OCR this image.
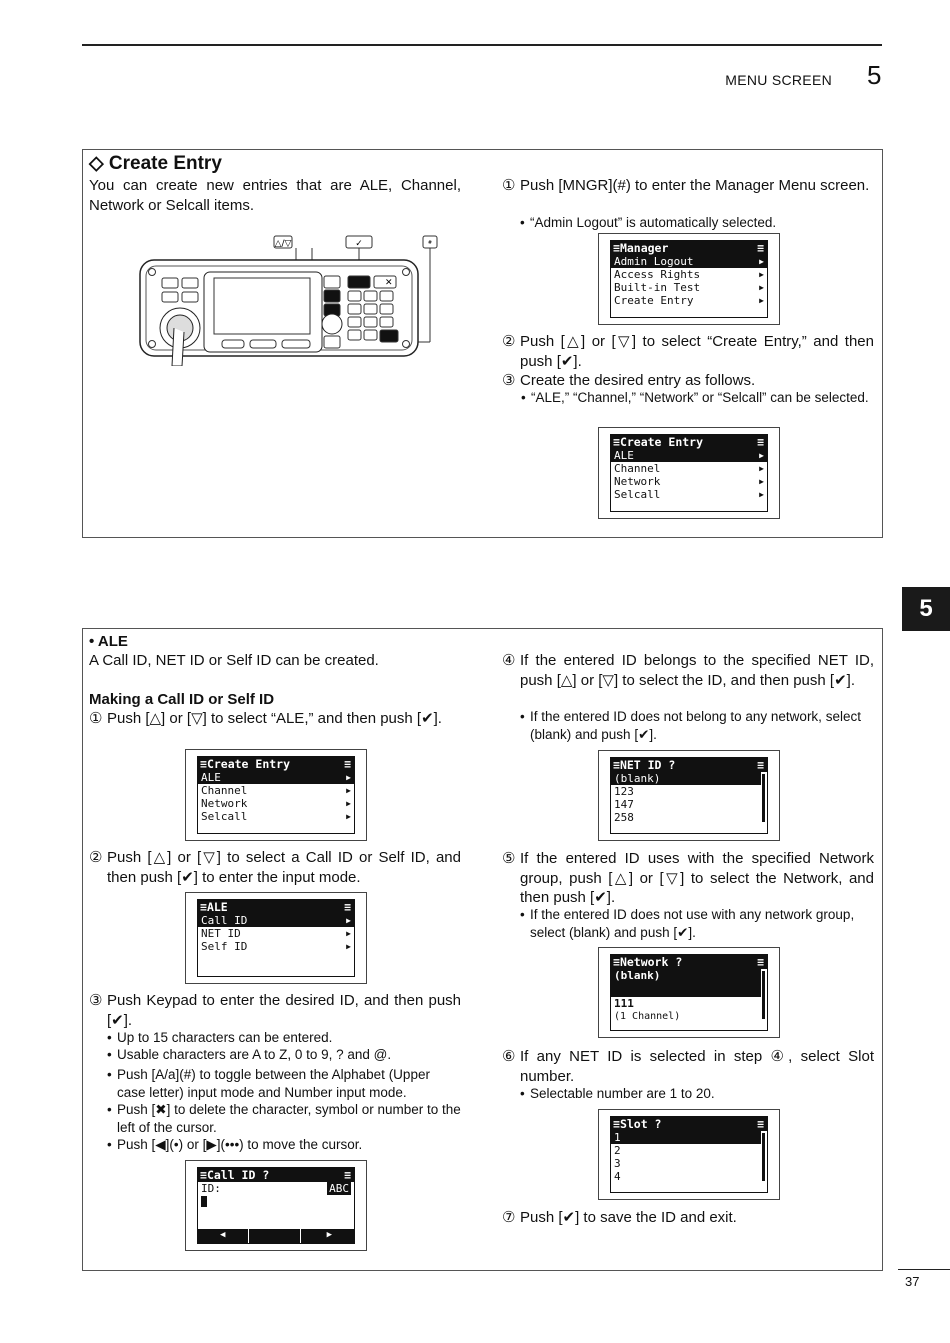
MENU SCREEN 5
5
◇ Create Entry
You can create new entries that are ALE, Channel, Network or Selcall items.
△/▽	✓	#
✕
① Push [MNGR](#) to enter the Manager Menu screen.
• “Admin Logout” is automatically selected.
≡Manager	≡
Admin Logout	▶
Access Rights	▶
Built-in Test	▶
Create Entry	▶
② Push [△] or [▽] to select “Create Entry,” and then push [✔].
③ Create the desired entry as follows.
• “ALE,” “Channel,” “Network” or “Selcall” can be selected.
≡Create Entry	≡
ALE	▶
Channel	▶
Network	▶
Selcall	▶
• ALE
A Call ID, NET ID or Self ID can be created.
Making a Call ID or Self ID
① Push [△] or [▽] to select “ALE,” and then push [✔].
≡Create Entry	≡
ALE	▶
Channel	▶
Network	▶
Selcall	▶
② Push [△] or [▽] to select a Call ID or Self ID, and then push [✔] to enter the input mode.
≡ALE	≡
Call ID	▶
NET ID	▶
Self ID	▶
③ Push Keypad to enter the desired ID, and then push [✔].
• Up to 15 characters can be entered.
• Usable characters are A to Z, 0 to 9, ? and @.
• Push [A/a](#) to toggle between the Alphabet (Upper case letter) input mode and Number input mode.
• Push [✖] to delete the character, symbol or number to the left of the cursor.
• Push [◀](•) or [▶](•••) to move the cursor.
≡Call ID ?	≡
ID:	ABC
◀	▶
④ If the entered ID belongs to the specified NET ID, push [△] or [▽] to select the ID, and then push [✔].
• If the entered ID does not belong to any network, select (blank) and push [✔].
≡NET ID ?	≡
(blank)
123
147
258
⑤ If the entered ID uses with the specified Network group, push [△] or [▽] to select the Network, and then push [✔].
• If the entered ID does not use with any network group, select (blank) and push [✔].
≡Network ?	≡
(blank)
111
(1 Channel)
⑥ If any NET ID is selected in step ④, select Slot number.
• Selectable number are 1 to 20.
≡Slot ?	≡
1
2
3
4
⑦ Push [✔] to save the ID and exit.
37
